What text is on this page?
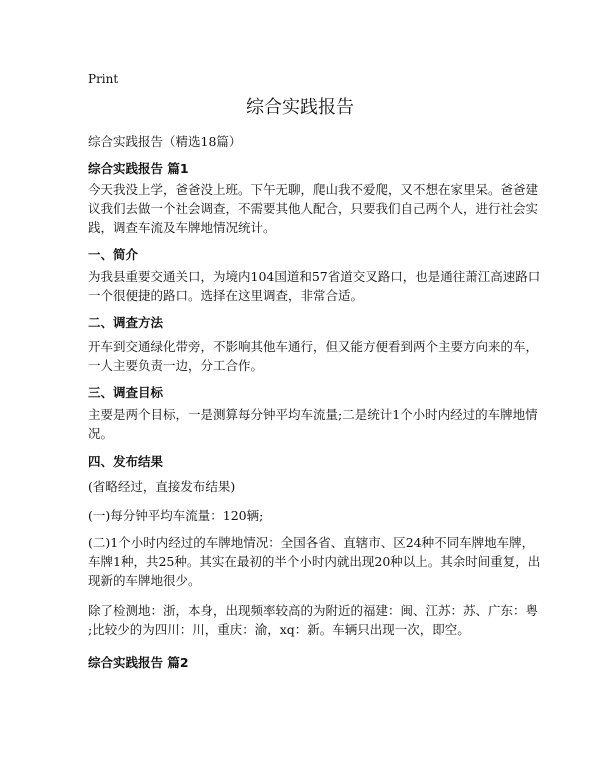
Print
综合实践报告
综合实践报告（精选18篇）
综合实践报告 篇1
今天我没上学，爸爸没上班。下午无聊，爬山我不爱爬，又不想在家里呆。爸爸建
议我们去做一个社会调查，不需要其他人配合，只要我们自己两个人，进行社会实
践，调查车流及车牌地情况统计。
一、简介
为我县重要交通关口，为境内104国道和57省道交叉路口，也是通往萧江高速路口
一个很便捷的路口。选择在这里调查，非常合适。
二、调查方法
开车到交通绿化带旁，不影响其他车通行，但又能方便看到两个主要方向来的车，
一人主要负责一边，分工合作。
三、调查目标
主要是两个目标，一是测算每分钟平均车流量;二是统计1个小时内经过的车牌地情
况。
四、发布结果
(省略经过，直接发布结果)
(一)每分钟平均车流量：120辆;
(二)1个小时内经过的车牌地情况：全国各省、直辖市、区24种不同车牌地车牌，
车牌1种，共25种。其实在最初的半个小时内就出现20种以上。其余时间重复，出
现新的车牌地很少。
除了检测地：浙，本身，出现频率较高的为附近的福建：闽、江苏：苏、广东：粤
;比较少的为四川：川，重庆：渝，xq：新。车辆只出现一次，即空。
综合实践报告 篇2
